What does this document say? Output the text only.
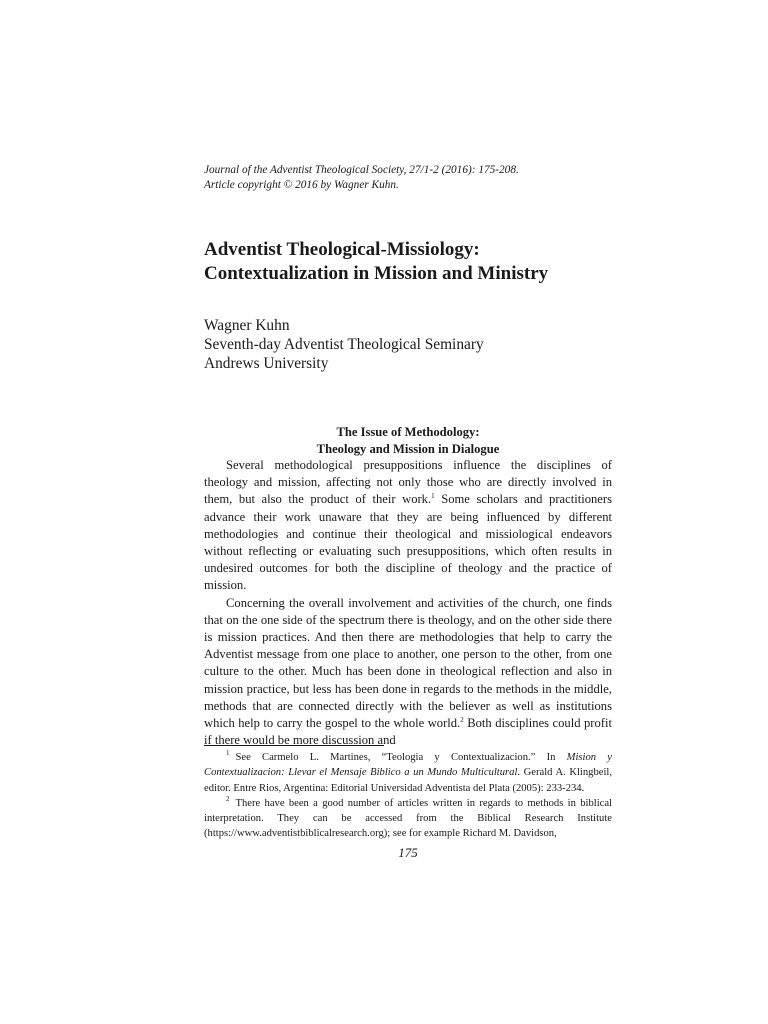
Journal of the Adventist Theological Society, 27/1-2 (2016): 175-208.
Article copyright © 2016 by Wagner Kuhn.
Adventist Theological-Missiology:
Contextualization in Mission and Ministry
Wagner Kuhn
Seventh-day Adventist Theological Seminary
Andrews University
The Issue of Methodology:
Theology and Mission in Dialogue

Several methodological presuppositions influence the disciplines of theology and mission, affecting not only those who are directly involved in them, but also the product of their work.$^1$ Some scholars and practitioners advance their work unaware that they are being influenced by different methodologies and continue their theological and missiological endeavors without reflecting or evaluating such presuppositions, which often results in undesired outcomes for both the discipline of theology and the practice of mission.

Concerning the overall involvement and activities of the church, one finds that on the one side of the spectrum there is theology, and on the other side there is mission practices. And then there are methodologies that help to carry the Adventist message from one place to another, one person to the other, from one culture to the other. Much has been done in theological reflection and also in mission practice, but less has been done in regards to the methods in the middle, methods that are connected directly with the believer as well as institutions which help to carry the gospel to the whole world.$^2$ Both disciplines could profit if there would be more discussion and

$^1$ See Carmelo L. Martines, “Teologia y Contextualizacion.” In Mision y Contextualizacion: Llevar el Mensaje Biblico a un Mundo Multicultural. Gerald A. Klingbeil, editor. Entre Rios, Argentina: Editorial Universidad Adventista del Plata (2005): 233-234.

$^2$ There have been a good number of articles written in regards to methods in biblical interpretation. They can be accessed from the Biblical Research Institute (https://www.adventistbiblicalresearch.org); see for example Richard M. Davidson,

175
